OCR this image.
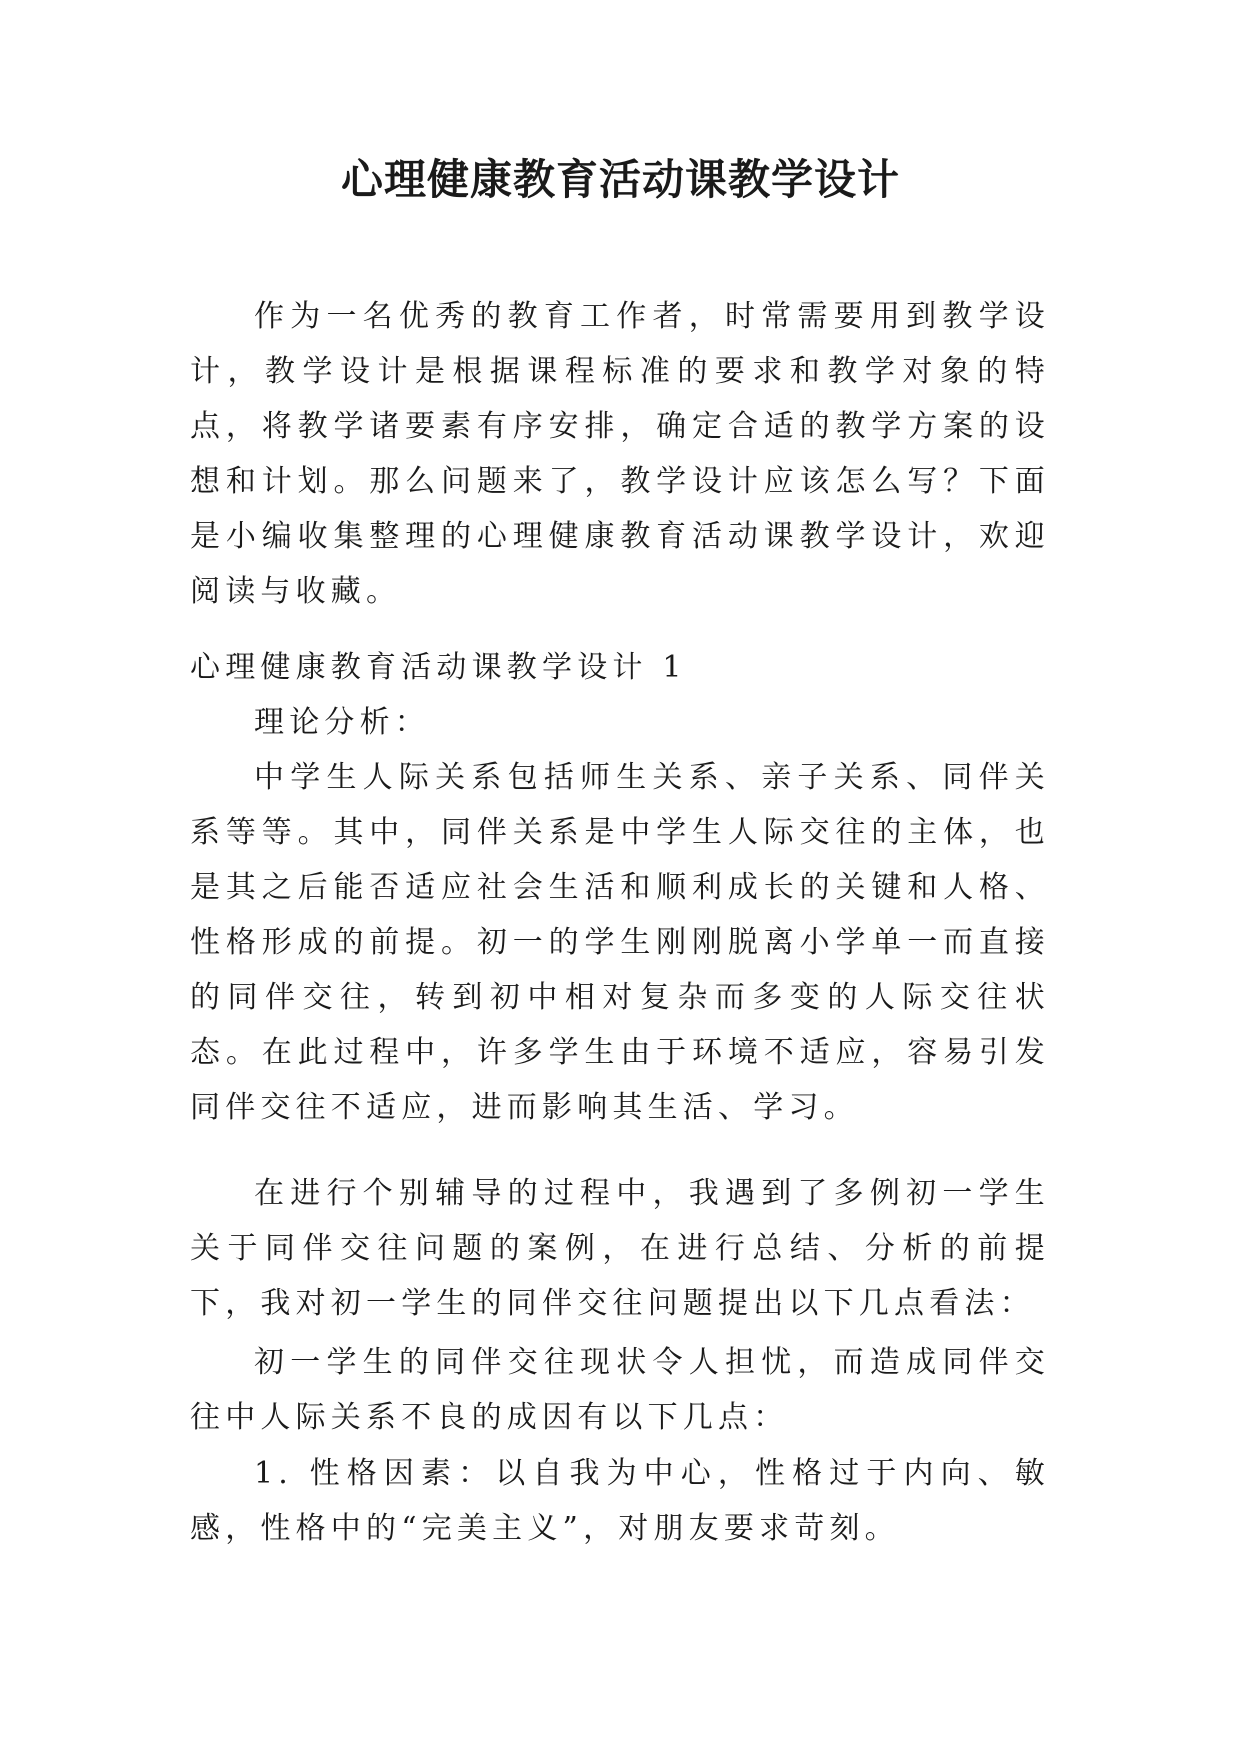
心理健康教育活动课教学设计

作为一名优秀的教育工作者，时常需要用到教学设计，教学设计是根据课程标准的要求和教学对象的特点，将教学诸要素有序安排，确定合适的教学方案的设想和计划。那么问题来了，教学设计应该怎么写？下面是小编收集整理的心理健康教育活动课教学设计，欢迎阅读与收藏。

心理健康教育活动课教学设计 1

理论分析：

中学生人际关系包括师生关系、亲子关系、同伴关系等等。其中，同伴关系是中学生人际交往的主体，也是其之后能否适应社会生活和顺利成长的关键和人格、性格形成的前提。初一的学生刚刚脱离小学单一而直接的同伴交往，转到初中相对复杂而多变的人际交往状态。在此过程中，许多学生由于环境不适应，容易引发同伴交往不适应，进而影响其生活、学习。

在进行个别辅导的过程中，我遇到了多例初一学生关于同伴交往问题的案例，在进行总结、分析的前提下，我对初一学生的同伴交往问题提出以下几点看法：

初一学生的同伴交往现状令人担忧，而造成同伴交往中人际关系不良的成因有以下几点：

1. 性格因素：以自我为中心，性格过于内向、敏感，性格中的“完美主义”，对朋友要求苛刻。
